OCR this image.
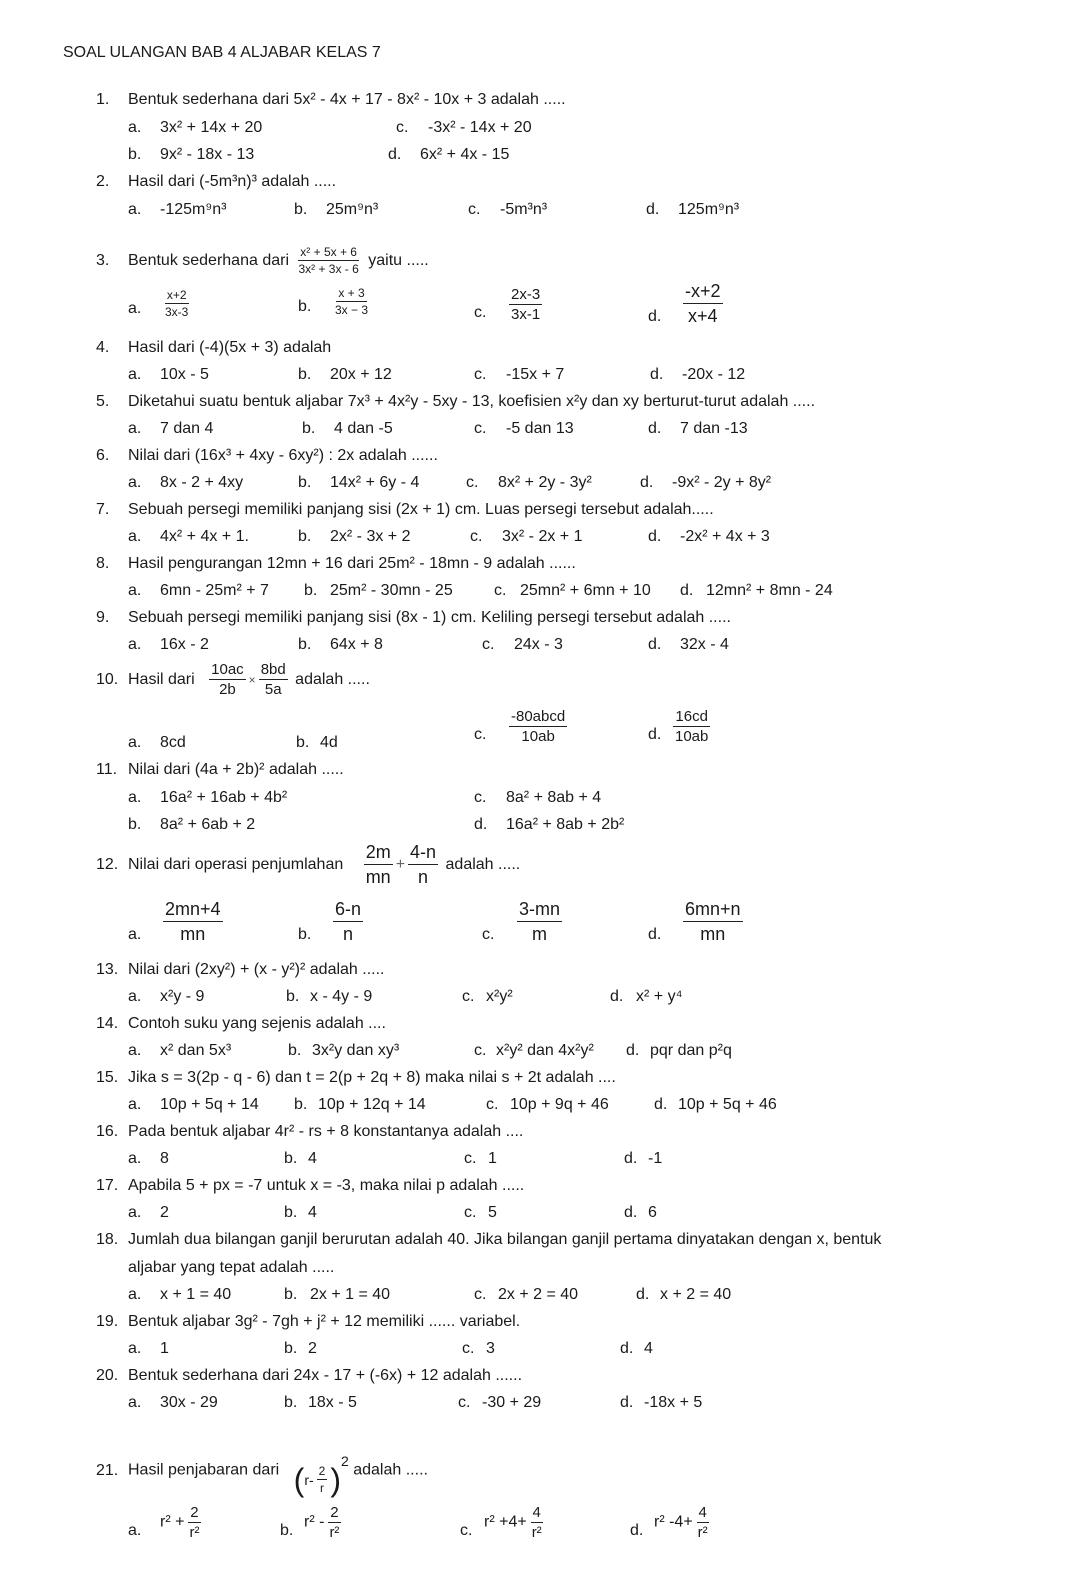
SOAL ULANGAN BAB 4 ALJABAR KELAS 7
1. Bentuk sederhana dari 5x² - 4x + 17 - 8x² - 10x + 3 adalah .....
a. 3x² + 14x + 20	c. -3x² - 14x + 20
b. 9x² - 18x - 13	d. 6x² + 4x - 15
2. Hasil dari (-5m³n)³ adalah .....
a. -125m⁹n³	b. 25m⁹n³	c. -5m³n³	d. 125m⁹n³
3. Bentuk sederhana dari $\frac{\text{x² + 5x + 6}}{\text{3x² + 3x - 6}}$ yaitu .....
a. $\frac{x+2}{3x-3}$	b. $\frac{x + 3}{3x - 3}$	c. $\frac{2x-3}{3x-1}$	d. $\frac{-x+2}{x+4}$
4. Hasil dari (-4)(5x + 3) adalah
a. 10x - 5	b. 20x + 12	c. -15x + 7	d. -20x - 12
5. Diketahui suatu bentuk aljabar 7x³ + 4x²y - 5xy - 13, koefisien x²y dan xy berturut-turut adalah .....
a. 7 dan 4	b. 4 dan -5	c. -5 dan 13	d. 7 dan -13
6. Nilai dari (16x³ + 4xy - 6xy²) : 2x adalah ......
a. 8x - 2 + 4xy	b. 14x² + 6y - 4	c. 8x² + 2y - 3y²	d. -9x² - 2y + 8y²
7. Sebuah persegi memiliki panjang sisi (2x + 1) cm. Luas persegi tersebut adalah.....
a. 4x² + 4x + 1.	b. 2x² - 3x + 2	c. 3x² - 2x + 1	d. -2x² + 4x + 3
8. Hasil pengurangan 12mn + 16 dari 25m² - 18mn - 9 adalah ......
a. 6mn - 25m² + 7 b. 25m² - 30mn - 25	c. 25mn² + 6mn + 10 d. 12mn² + 8mn - 24
9. Sebuah persegi memiliki panjang sisi (8x - 1) cm. Keliling persegi tersebut adalah .....
a. 16x - 2	b. 64x + 8	c. 24x - 3	d. 32x - 4
10. Hasil dari $\frac{10ac}{2b} \times \frac{8bd}{5a}$ adalah .....
a. 8cd	b. 4d	c. $\frac{\text{-80abcd}}{10ab}$	d. $\frac{16cd}{10ab}$
11. Nilai dari (4a + 2b)² adalah .....
a. 16a² + 16ab + 4b²	c. 8a² + 8ab + 4
b. 8a² + 6ab + 2	d. 16a² + 8ab + 2b²
12. Nilai dari operasi penjumlahan $\frac{2m}{mn} + \frac{4-n}{n}$ adalah .....
a. $\frac{2mn+4}{mn}$	b. $\frac{6-n}{n}$	c. $\frac{3-mn}{m}$	d. $\frac{6mn+n}{mn}$
13. Nilai dari (2xy²) + (x - y²)² adalah .....
a. x²y - 9	b. x - 4y - 9	c. x²y²	d. x² + y⁴
14. Contoh suku yang sejenis adalah ....
a. x² dan 5x³	b. 3x²y dan xy³	c. x²y² dan 4x²y² d. pqr dan p²q
15. Jika s = 3(2p - q - 6) dan t = 2(p + 2q + 8) maka nilai s + 2t adalah ....
a. 10p + 5q + 14 b. 10p + 12q + 14	c. 10p + 9q + 46	d. 10p + 5q + 46
16. Pada bentuk aljabar 4r² - rs + 8 konstantanya adalah ....
a. 8	b. 4	c. 1	d. -1
17. Apabila 5 + px = -7 untuk x = -3, maka nilai p adalah .....
a. 2	b. 4	c. 5	d. 6
18. Jumlah dua bilangan ganjil berurutan adalah 40. Jika bilangan ganjil pertama dinyatakan dengan x, bentuk
aljabar yang tepat adalah .....
a. x + 1 = 40	b. 2x + 1 = 40	c. 2x + 2 = 40	d. x + 2 = 40
19. Bentuk aljabar 3g² - 7gh + j² + 12 memiliki ...... variabel.
a. 1	b. 2	c. 3	d. 4
20. Bentuk sederhana dari 24x - 17 + (-6x) + 12 adalah ......
a. 30x - 29	b. 18x - 5	c. -30 + 29	d. -18x + 5
21. Hasil penjabaran dari $(r- \frac{2}{r} )^2$ adalah .....
a. $r^2 + \frac{2}{\text{r²}}$	b. $r^2 - \frac{2}{\text{r²}}$	c. $r^2 +4+ \frac{4}{\text{r²}}$	d. r² $-4+ \frac{4}{\text{r²}}$
